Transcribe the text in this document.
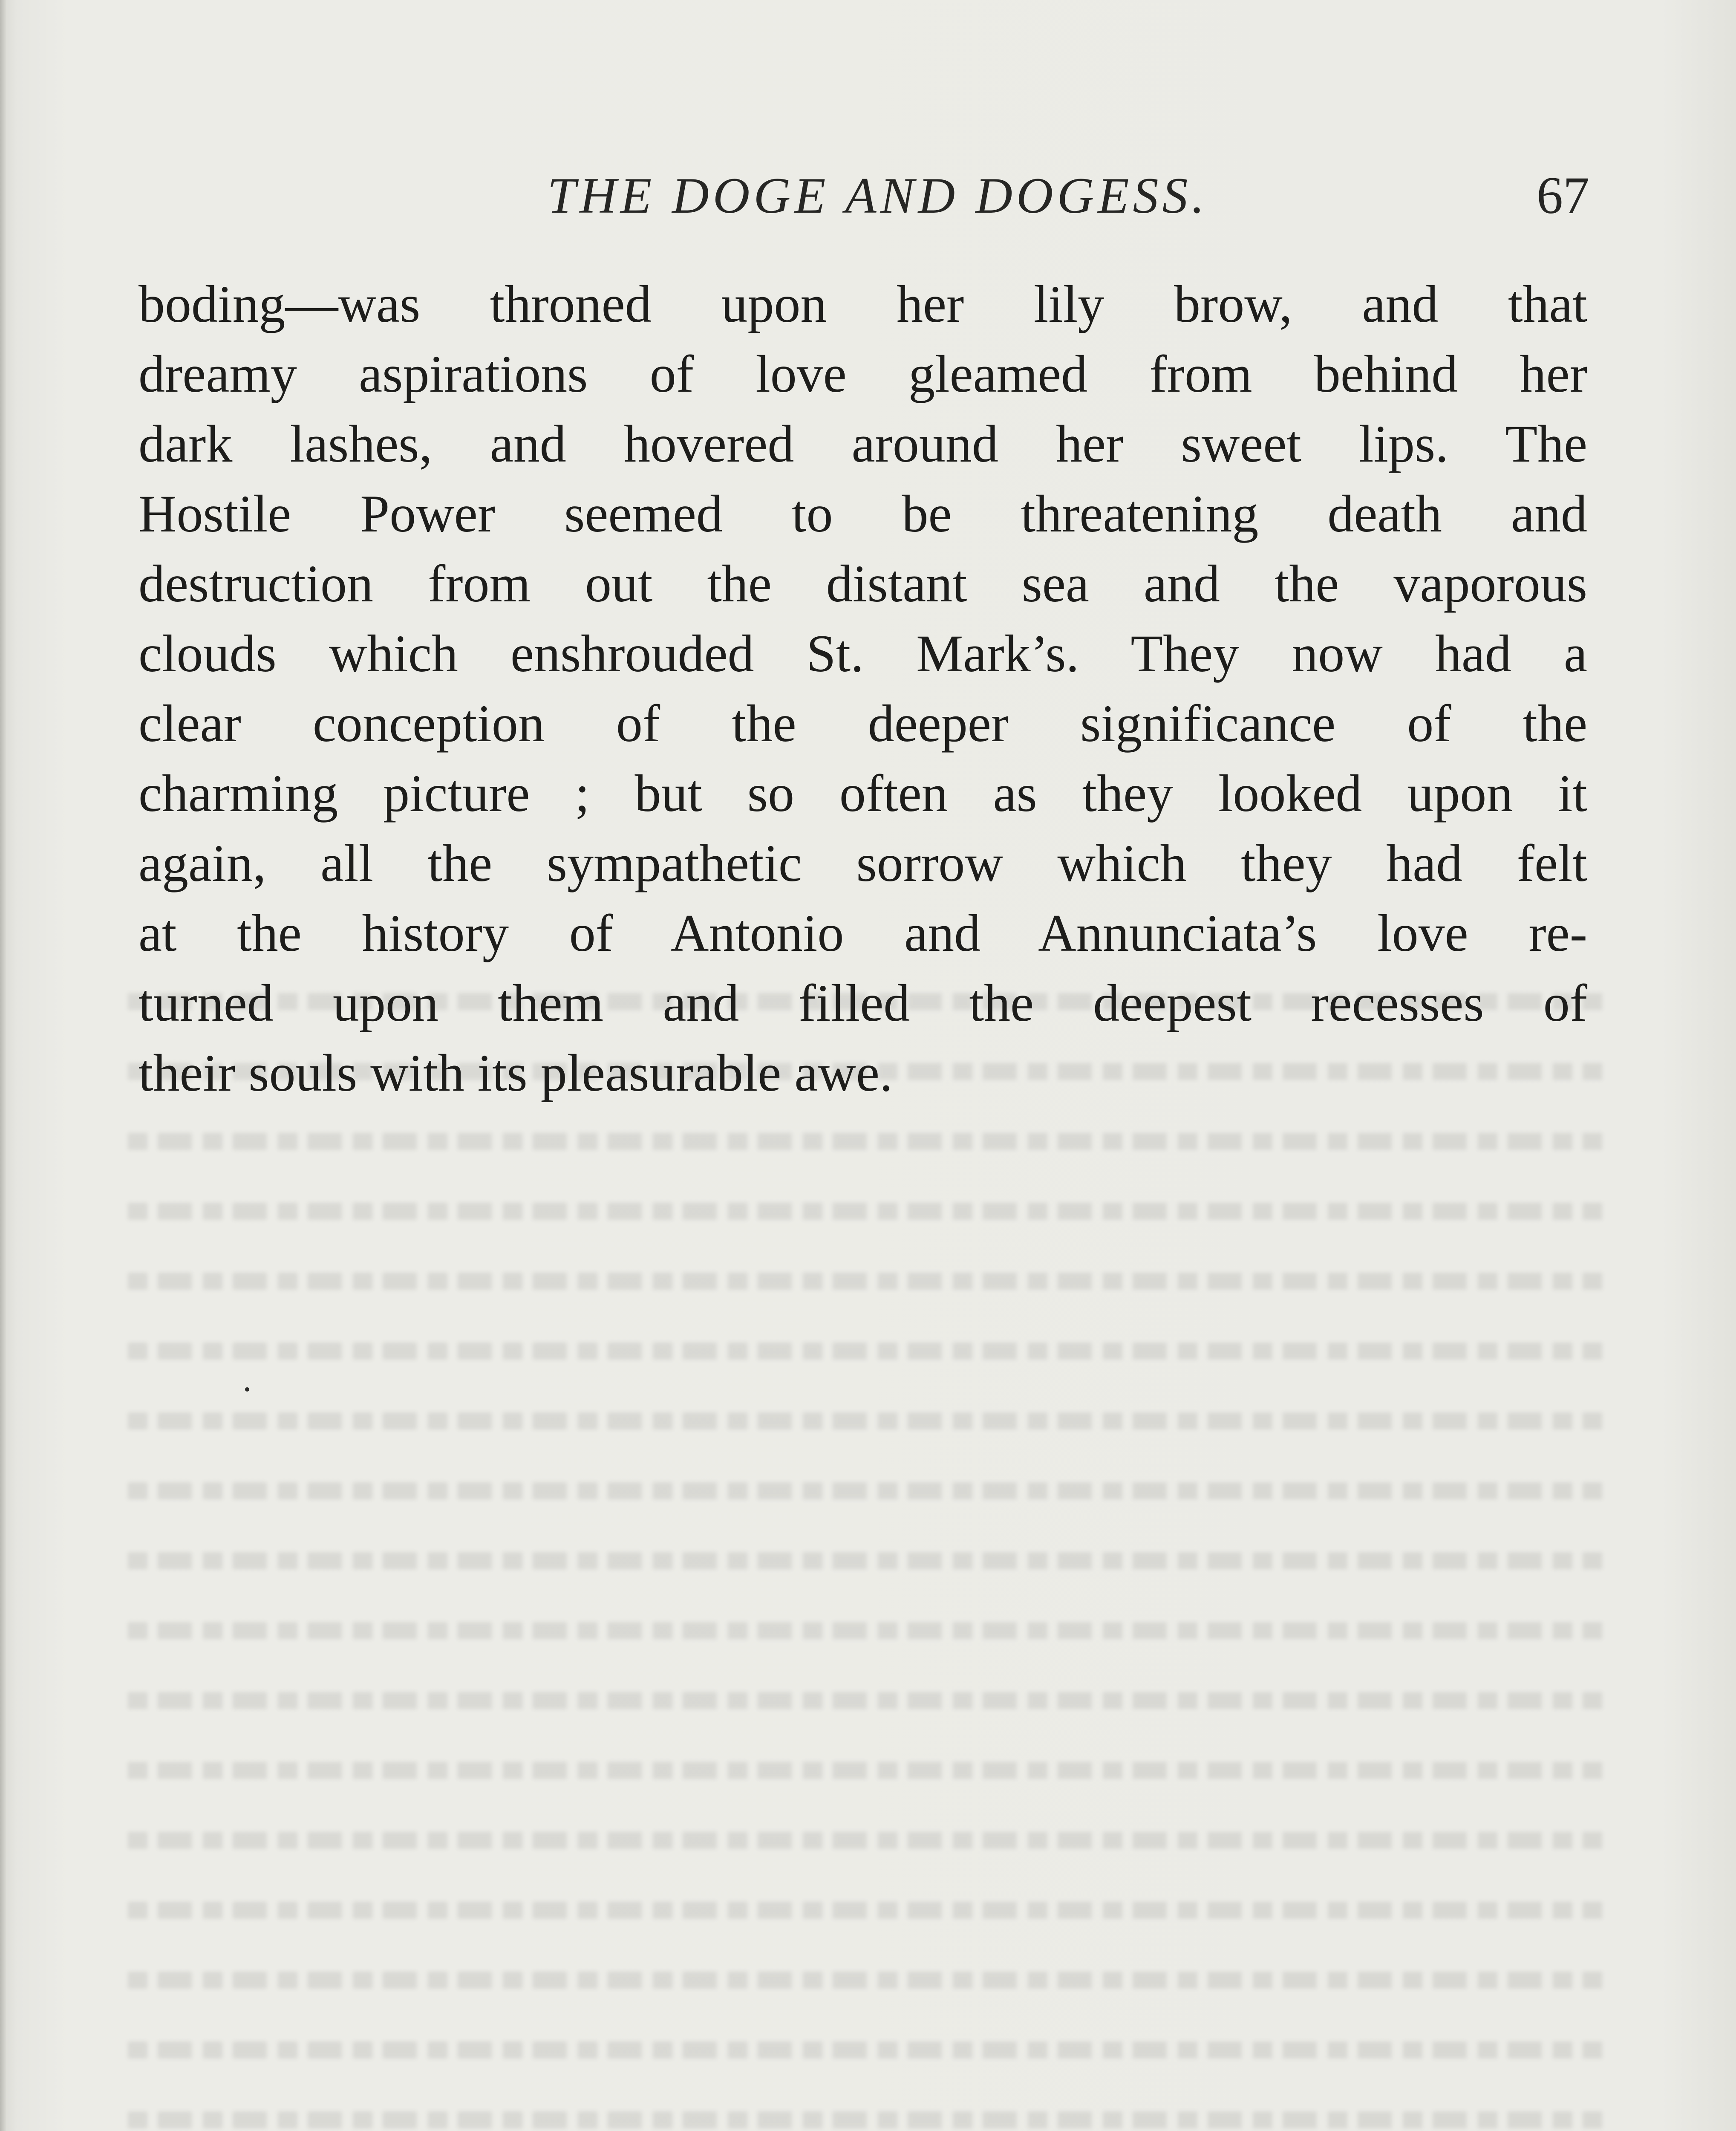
THE DOGE AND DOGESS.	67
boding—was throned upon her lily brow, and that
dreamy aspirations of love gleamed from behind her
dark lashes, and hovered around her sweet lips. The
Hostile Power seemed to be threatening death and
destruction from out the distant sea and the vaporous
clouds which enshrouded St. Mark’s. They now had a
clear conception of the deeper significance of the
charming picture ; but so often as they looked upon it
again, all the sympathetic sorrow which they had felt
at the history of Antonio and Annunciata’s love re-
turned upon them and filled the deepest recesses of
their souls with its pleasurable awe.
